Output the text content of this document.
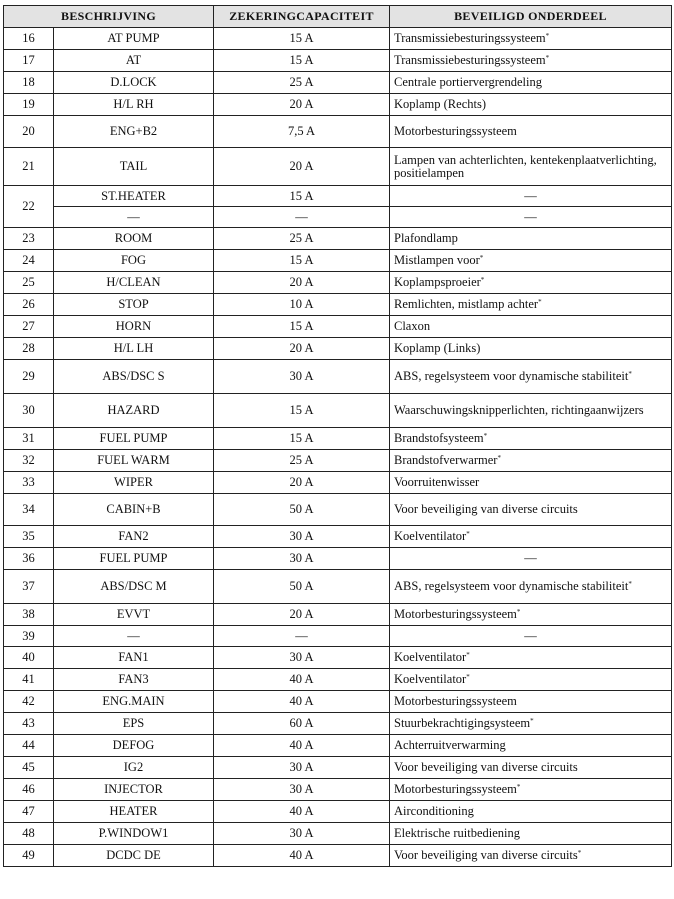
BESCHRIJVING		ZEKERINGCAPACITEIT	BEVEILIGD ONDERDEEL
16	AT PUMP	15 A	Transmissiebesturingssysteem*
17	AT	15 A	Transmissiebesturingssysteem*
18	D.LOCK	25 A	Centrale portiervergrendeling
19	H/L RH	20 A	Koplamp (Rechts)
20	ENG+B2	7,5 A	Motorbesturingssysteem
21	TAIL	20 A	Lampen van achterlichten, kentekenplaatverlichting, positielampen
22	ST.HEATER	15 A	—
	—	—	—
23	ROOM	25 A	Plafondlamp
24	FOG	15 A	Mistlampen voor*
25	H/CLEAN	20 A	Koplampsproeier*
26	STOP	10 A	Remlichten, mistlamp achter*
27	HORN	15 A	Claxon
28	H/L LH	20 A	Koplamp (Links)
29	ABS/DSC S	30 A	ABS, regelsysteem voor dynamische stabiliteit*
30	HAZARD	15 A	Waarschuwingsknipperlichten, richtingaanwijzers
31	FUEL PUMP	15 A	Brandstofsysteem*
32	FUEL WARM	25 A	Brandstofverwarmer*
33	WIPER	20 A	Voorruitenwisser
34	CABIN+B	50 A	Voor beveiliging van diverse circuits
35	FAN2	30 A	Koelventilator*
36	FUEL PUMP	30 A	—
37	ABS/DSC M	50 A	ABS, regelsysteem voor dynamische stabiliteit*
38	EVVT	20 A	Motorbesturingssysteem*
39	—	—	—
40	FAN1	30 A	Koelventilator*
41	FAN3	40 A	Koelventilator*
42	ENG.MAIN	40 A	Motorbesturingssysteem
43	EPS	60 A	Stuurbekrachtigingsysteem*
44	DEFOG	40 A	Achterruitverwarming
45	IG2	30 A	Voor beveiliging van diverse circuits
46	INJECTOR	30 A	Motorbesturingssysteem*
47	HEATER	40 A	Airconditioning
48	P.WINDOW1	30 A	Elektrische ruitbediening
49	DCDC DE	40 A	Voor beveiliging van diverse circuits*
